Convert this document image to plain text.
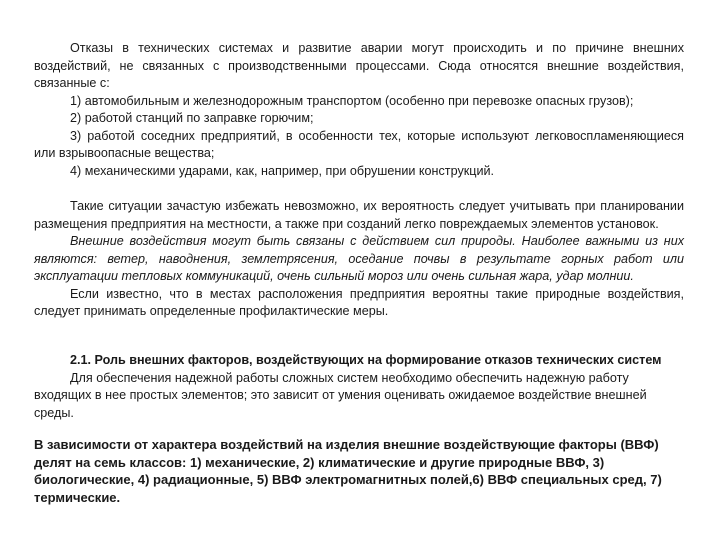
Отказы в технических системах и развитие аварии могут происходить и по причине внешних воздействий, не связанных с производственными процессами. Сюда относятся внешние воздействия, связанные с:

1) автомобильным и железнодорожным транспортом (особенно при перевозке опасных грузов);

2) работой станций по заправке горючим;

3) работой соседних предприятий, в особенности тех, которые используют легковоспламеняющиеся или взрывоопасные вещества;

4) механическими ударами, как, например, при обрушении конструкций.

Такие ситуации зачастую избежать невозможно, их вероятность следует учитывать при планировании размещения предприятия на местности, а также при созданий легко повреждаемых элементов установок.

Внешние воздействия могут быть связаны с действием сил природы. Наиболее важными из них являются: ветер, наводнения, землетрясения, оседание почвы в результате горных работ или эксплуатации тепловых коммуникаций, очень сильный мороз или очень сильная жара, удар молнии.

Если известно, что в местах расположения предприятия вероятны такие природные воздействия, следует принимать определенные профилактические меры.

2.1. Роль внешних факторов, воздействующих на формирование отказов технических систем

Для обеспечения надежной работы сложных систем необходимо обеспечить надежную работу входящих в нее простых элементов; это зависит от умения оценивать ожидаемое воздействие внешней среды.

В зависимости от характера воздействий на изделия внешние воздействующие факторы (ВВФ) делят на семь классов: 1) механические, 2) климатические и другие природные ВВФ, 3) биологические, 4) радиационные, 5) ВВФ электромагнитных полей,6) ВВФ специальных сред, 7) термические.
